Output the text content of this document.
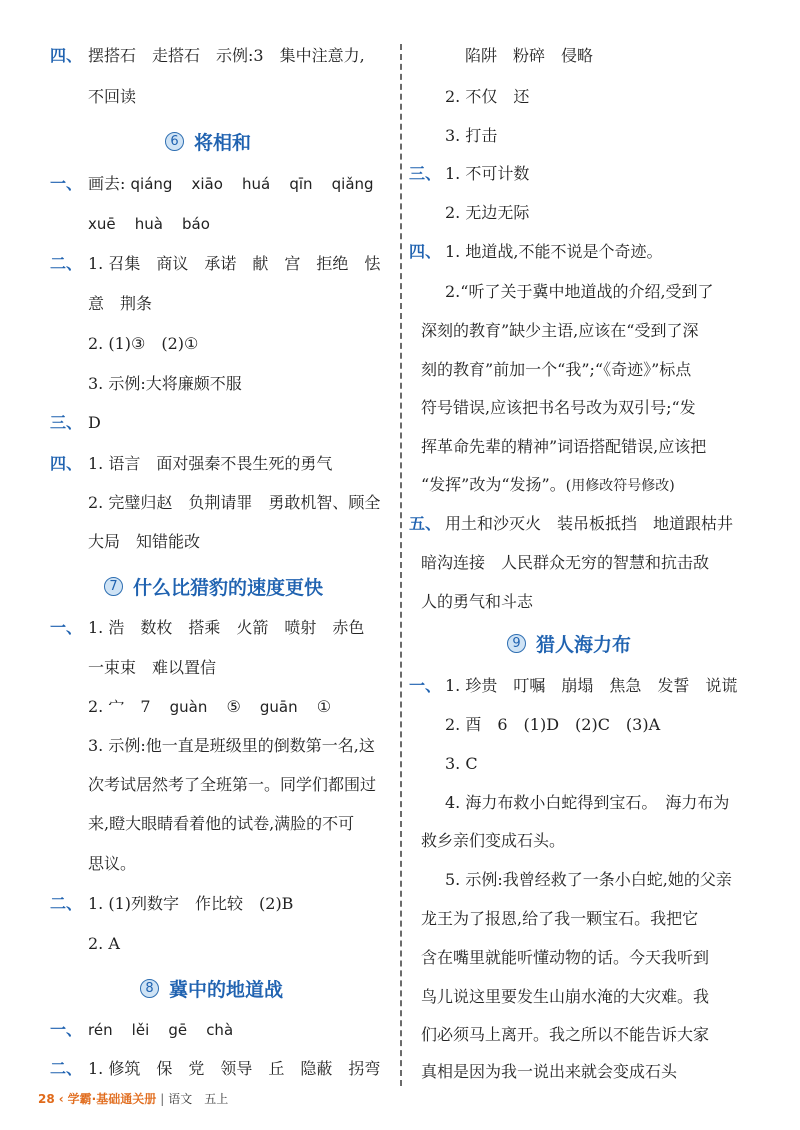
四、 摆搭石　走搭石　示例:3　集中注意力,
不回读
6 将相和
一、 画去: qiáng xiāo huá qīn qiǎng
xuē huà báo
二、 1. 召集　商议　承诺　献　宫　拒绝　怯
意　荆条
2. (1)③　(2)①
3. 示例:大将廉颇不服
三、 D
四、 1. 语言　面对强秦不畏生死的勇气
2. 完璧归赵　负荆请罪　勇敢机智、顾全
大局　知错能改
7 什么比猎豹的速度更快
一、 1. 浩　数枚　搭乘　火箭　喷射　赤色
一束束　难以置信
2. 宀　7 guàn ⑤ guān ①
3. 示例:他一直是班级里的倒数第一名,这
次考试居然考了全班第一。同学们都围过
来,瞪大眼睛看着他的试卷,满脸的不可
思议。
二、 1. (1)列数字　作比较　(2)B
2. A
8 冀中的地道战
一、 rén lěi gē chà
二、 1. 修筑　保　党　领导　丘　隐蔽　拐弯
陷阱　粉碎　侵略
2. 不仅　还
3. 打击
三、 1. 不可计数
2. 无边无际
四、 1. 地道战,不能不说是个奇迹。
2.“听了关于冀中地道战的介绍,受到了
深刻的教育”缺少主语,应该在“受到了深
刻的教育”前加一个“我”;“《奇迹》”标点
符号错误,应该把书名号改为双引号;“发
挥革命先辈的精神”词语搭配错误,应该把
“发挥”改为“发扬”。(用修改符号修改)
五、 用土和沙灭火　装吊板抵挡　地道跟枯井
暗沟连接　人民群众无穷的智慧和抗击敌
人的勇气和斗志
9 猎人海力布
一、 1. 珍贵　叮嘱　崩塌　焦急　发誓　说谎
2. 酉　6　(1)D　(2)C　(3)A
3. C
4. 海力布救小白蛇得到宝石。　海力布为
救乡亲们变成石头。
5. 示例:我曾经救了一条小白蛇,她的父亲
龙王为了报恩,给了我一颗宝石。我把它
含在嘴里就能听懂动物的话。今天我听到
鸟儿说这里要发生山崩水淹的大灾难。我
们必须马上离开。我之所以不能告诉大家
真相是因为我一说出来就会变成石头
28 ‹ 学霸·基础通关册 | 语文　五上
